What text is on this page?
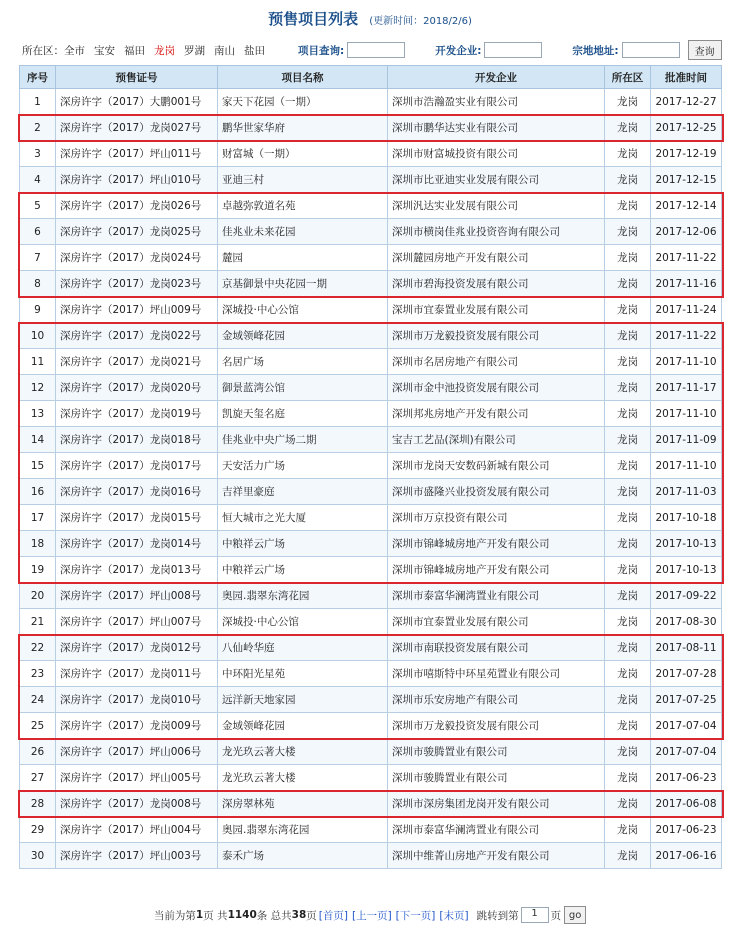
预售项目列表 (更新时间：2018/2/6)
所在区： 全市 宝安 福田 龙岗 罗湖 南山 盐田	项目查询:	开发企业:	宗地地址:	查询
序号	预售证号	项目名称	开发企业	所在区	批准时间
1	深房许字（2017）大鹏001号	家天下花园（一期）	深圳市浩瀚盈实业有限公司	龙岗	2017-12-27
2	深房许字（2017）龙岗027号	鹏华世家华府	深圳市鹏华达实业有限公司	龙岗	2017-12-25
3	深房许字（2017）坪山011号	财富城（一期）	深圳市财富城投资有限公司	龙岗	2017-12-19
4	深房许字（2017）坪山010号	亚迪三村	深圳市比亚迪实业发展有限公司	龙岗	2017-12-15
5	深房许字（2017）龙岗026号	卓越弥敦道名苑	深圳汎达实业发展有限公司	龙岗	2017-12-14
6	深房许字（2017）龙岗025号	佳兆业未来花园	深圳市横岗佳兆业投资咨询有限公司	龙岗	2017-12-06
7	深房许字（2017）龙岗024号	麓园	深圳麓园房地产开发有限公司	龙岗	2017-11-22
8	深房许字（2017）龙岗023号	京基御景中央花园一期	深圳市碧海投资发展有限公司	龙岗	2017-11-16
9	深房许字（2017）坪山009号	深城投·中心公馆	深圳市宜泰置业发展有限公司	龙岗	2017-11-24
10	深房许字（2017）龙岗022号	金域领峰花园	深圳市万龙毅投资发展有限公司	龙岗	2017-11-22
11	深房许字（2017）龙岗021号	名居广场	深圳市名居房地产有限公司	龙岗	2017-11-10
12	深房许字（2017）龙岗020号	御景蓝湾公馆	深圳市金中池投资发展有限公司	龙岗	2017-11-17
13	深房许字（2017）龙岗019号	凯旋天玺名庭	深圳邦兆房地产开发有限公司	龙岗	2017-11-10
14	深房许字（2017）龙岗018号	佳兆业中央广场二期	宝吉工艺品(深圳)有限公司	龙岗	2017-11-09
15	深房许字（2017）龙岗017号	天安活力广场	深圳市龙岗天安数码新城有限公司	龙岗	2017-11-10
16	深房许字（2017）龙岗016号	吉祥里豪庭	深圳市盛隆兴业投资发展有限公司	龙岗	2017-11-03
17	深房许字（2017）龙岗015号	恒大城市之光大厦	深圳市万京投资有限公司	龙岗	2017-10-18
18	深房许字（2017）龙岗014号	中粮祥云广场	深圳市锦峰城房地产开发有限公司	龙岗	2017-10-13
19	深房许字（2017）龙岗013号	中粮祥云广场	深圳市锦峰城房地产开发有限公司	龙岗	2017-10-13
20	深房许字（2017）坪山008号	奥园.翡翠东湾花园	深圳市泰富华澜湾置业有限公司	龙岗	2017-09-22
21	深房许字（2017）坪山007号	深城投·中心公馆	深圳市宜泰置业发展有限公司	龙岗	2017-08-30
22	深房许字（2017）龙岗012号	八仙岭华庭	深圳市南联投资发展有限公司	龙岗	2017-08-11
23	深房许字（2017）龙岗011号	中环阳光星苑	深圳市嘻斯特中环星苑置业有限公司	龙岗	2017-07-28
24	深房许字（2017）龙岗010号	远洋新天地家园	深圳市乐安房地产有限公司	龙岗	2017-07-25
25	深房许字（2017）龙岗009号	金域领峰花园	深圳市万龙毅投资发展有限公司	龙岗	2017-07-04
26	深房许字（2017）坪山006号	龙光玖云著大楼	深圳市骏腾置业有限公司	龙岗	2017-07-04
27	深房许字（2017）坪山005号	龙光玖云著大楼	深圳市骏腾置业有限公司	龙岗	2017-06-23
28	深房许字（2017）龙岗008号	深房翠林苑	深圳市深房集团龙岗开发有限公司	龙岗	2017-06-08
29	深房许字（2017）坪山004号	奥园.翡翠东湾花园	深圳市泰富华澜湾置业有限公司	龙岗	2017-06-23
30	深房许字（2017）坪山003号	泰禾广场	深圳中维菁山房地产开发有限公司	龙岗	2017-06-16
当前为第 1 页 共 1140 条 总共 38 页 [首页] [上一页] [下一页] [末页] 跳转到第	1	页 go
